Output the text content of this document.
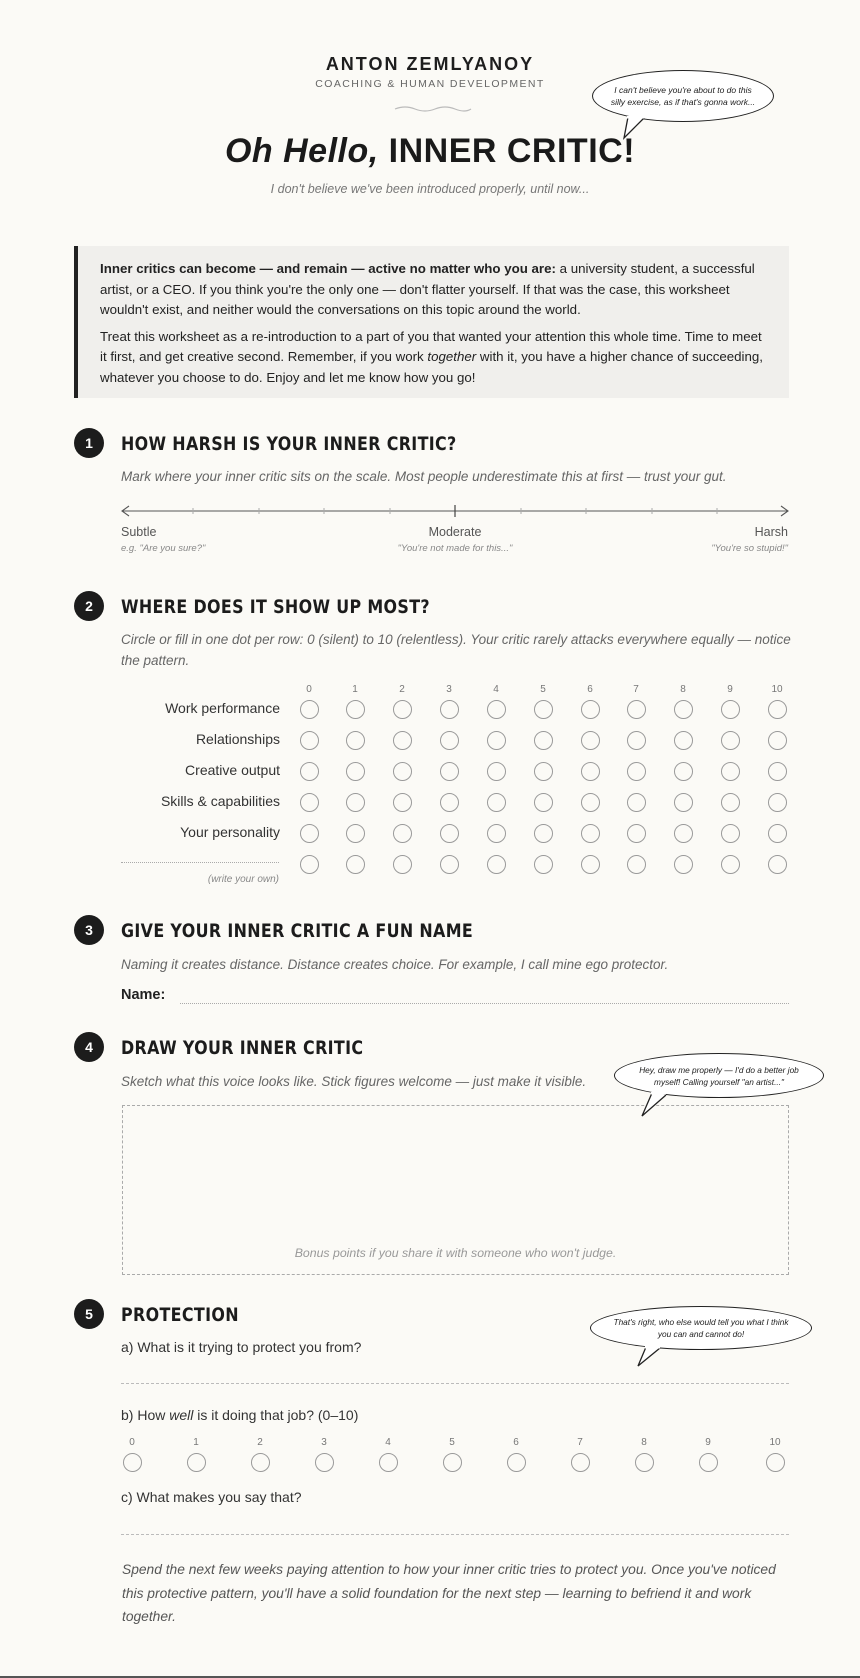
ANTON ZEMLYANOY
COACHING & HUMAN DEVELOPMENT
Oh Hello, INNER CRITIC!
I don't believe we've been introduced properly, until now...
I can't believe you're about to do this silly exercise, as if that's gonna work...

Inner critics can become — and remain — active no matter who you are: a university student, a successful artist, or a CEO. If you think you're the only one — don't flatter yourself. If that was the case, this worksheet wouldn't exist, and neither would the conversations on this topic around the world.

Treat this worksheet as a re-introduction to a part of you that wanted your attention this whole time. Time to meet it first, and get creative second. Remember, if you work together with it, you have a higher chance of succeeding, whatever you choose to do. Enjoy and let me know how you go!

1	HOW HARSH IS YOUR INNER CRITIC?
Mark where your inner critic sits on the scale. Most people underestimate this at first — trust your gut.
Subtle
e.g. "Are you sure?"
Moderate
"You're not made for this..."
Harsh
"You're so stupid!"
2	WHERE DOES IT SHOW UP MOST?
Circle or fill in one dot per row: 0 (silent) to 10 (relentless). Your critic rarely attacks everywhere equally — notice the pattern.
0	1	2	3	4	5	6	7	8	9	10
Work performance
Relationships
Creative output
Skills & capabilities
Your personality
(write your own)
3	GIVE YOUR INNER CRITIC A FUN NAME
Naming it creates distance. Distance creates choice. For example, I call mine ego protector.
Name:
4	DRAW YOUR INNER CRITIC
Sketch what this voice looks like. Stick figures welcome — just make it visible.
Bonus points if you share it with someone who won't judge.
Hey, draw me properly — I'd do a better job myself! Calling yourself "an artist..."
5	PROTECTION	That's right, who else would tell you what I think you can and cannot do!
a) What is it trying to protect you from?
b) How well is it doing that job? (0–10)
0	1	2	3	4	5	6	7	8	9	10
c) What makes you say that?
Spend the next few weeks paying attention to how your inner critic tries to protect you. Once you've noticed this protective pattern, you'll have a solid foundation for the next step — learning to befriend it and work together.
